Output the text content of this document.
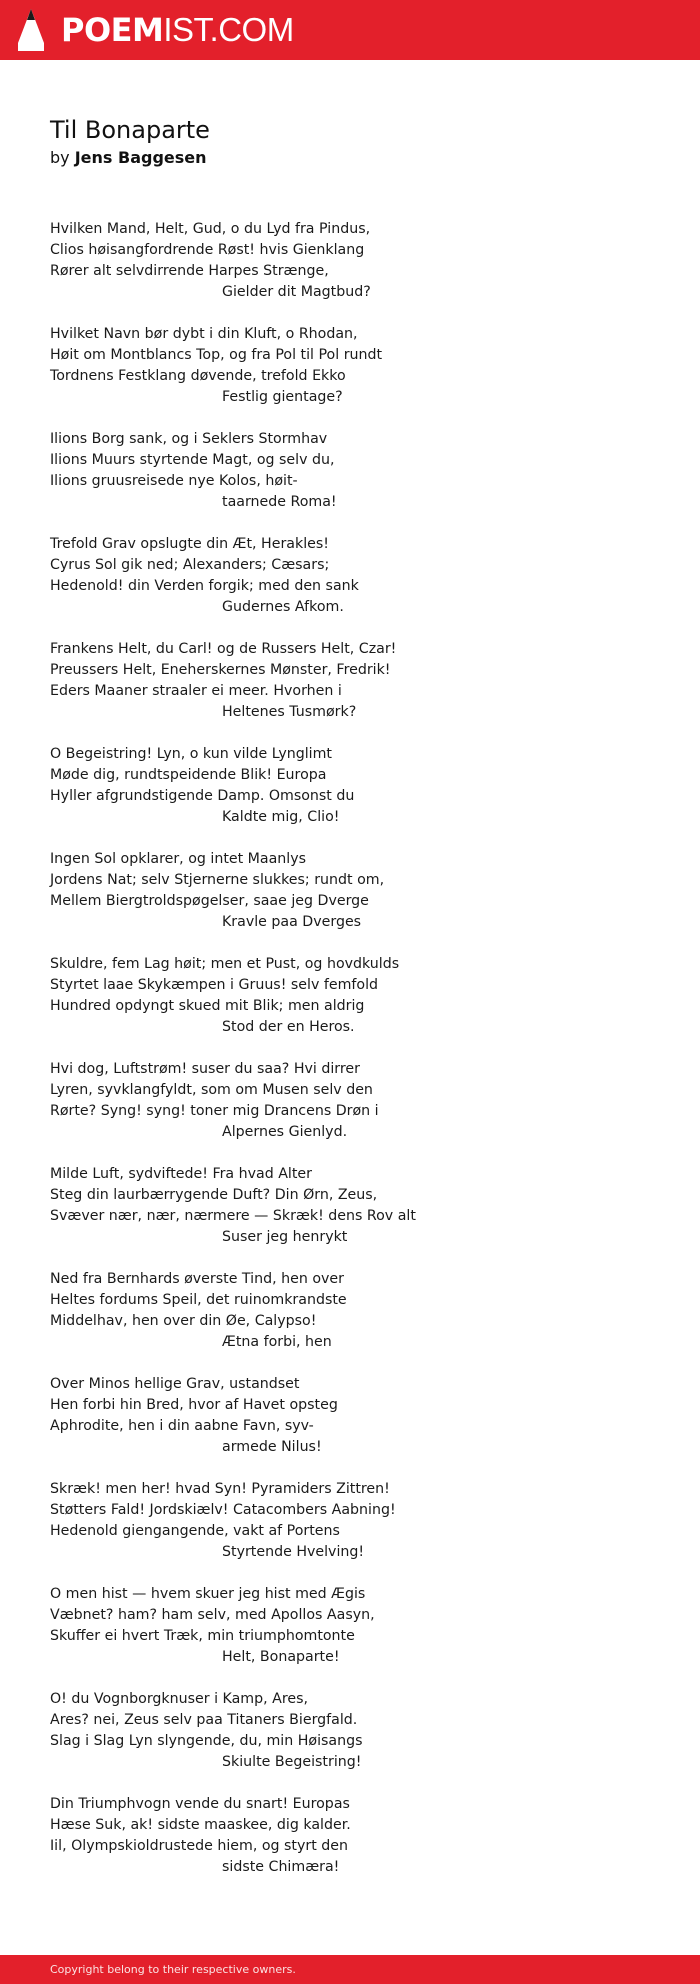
POEMIST.COM
Til Bonaparte
by Jens Baggesen
Hvilken Mand, Helt, Gud, o du Lyd fra Pindus,
Clios høisangfordrende Røst! hvis Gienklang
Rører alt selvdirrende Harpes Strænge,
Gielder dit Magtbud?
Hvilket Navn bør dybt i din Kluft, o Rhodan,
Høit om Montblancs Top, og fra Pol til Pol rundt
Tordnens Festklang døvende, trefold Ekko
Festlig gientage?
Ilions Borg sank, og i Seklers Stormhav
Ilions Muurs styrtende Magt, og selv du,
Ilions gruusreisede nye Kolos, høit-
taarnede Roma!
Trefold Grav opslugte din Æt, Herakles!
Cyrus Sol gik ned; Alexanders; Cæsars;
Hedenold! din Verden forgik; med den sank
Gudernes Afkom.
Frankens Helt, du Carl! og de Russers Helt, Czar!
Preussers Helt, Eneherskernes Mønster, Fredrik!
Eders Maaner straaler ei meer. Hvorhen i
Heltenes Tusmørk?
O Begeistring! Lyn, o kun vilde Lynglimt
Møde dig, rundtspeidende Blik! Europa
Hyller afgrundstigende Damp. Omsonst du
Kaldte mig, Clio!
Ingen Sol opklarer, og intet Maanlys
Jordens Nat; selv Stjernerne slukkes; rundt om,
Mellem Biergtroldspøgelser, saae jeg Dverge
Kravle paa Dverges
Skuldre, fem Lag høit; men et Pust, og hovdkulds
Styrtet laae Skykæmpen i Gruus! selv femfold
Hundred opdyngt skued mit Blik; men aldrig
Stod der en Heros.
Hvi dog, Luftstrøm! suser du saa? Hvi dirrer
Lyren, syvklangfyldt, som om Musen selv den
Rørte? Syng! syng! toner mig Drancens Drøn i
Alpernes Gienlyd.
Milde Luft, sydviftede! Fra hvad Alter
Steg din laurbærrygende Duft? Din Ørn, Zeus,
Svæver nær, nær, nærmere — Skræk! dens Rov alt
Suser jeg henrykt
Ned fra Bernhards øverste Tind, hen over
Heltes fordums Speil, det ruinomkrandste
Middelhav, hen over din Øe, Calypso!
Ætna forbi, hen
Over Minos hellige Grav, ustandset
Hen forbi hin Bred, hvor af Havet opsteg
Aphrodite, hen i din aabne Favn, syv-
armede Nilus!
Skræk! men her! hvad Syn! Pyramiders Zittren!
Støtters Fald! Jordskiælv! Catacombers Aabning!
Hedenold giengangende, vakt af Portens
Styrtende Hvelving!
O men hist — hvem skuer jeg hist med Ægis
Væbnet? ham? ham selv, med Apollos Aasyn,
Skuffer ei hvert Træk, min triumphomtonte
Helt, Bonaparte!
O! du Vognborgknuser i Kamp, Ares,
Ares? nei, Zeus selv paa Titaners Biergfald.
Slag i Slag Lyn slyngende, du, min Høisangs
Skiulte Begeistring!
Din Triumphvogn vende du snart! Europas
Hæse Suk, ak! sidste maaskee, dig kalder.
Iil, Olympskioldrustede hiem, og styrt den
sidste Chimæra!
Copyright belong to their respective owners.
